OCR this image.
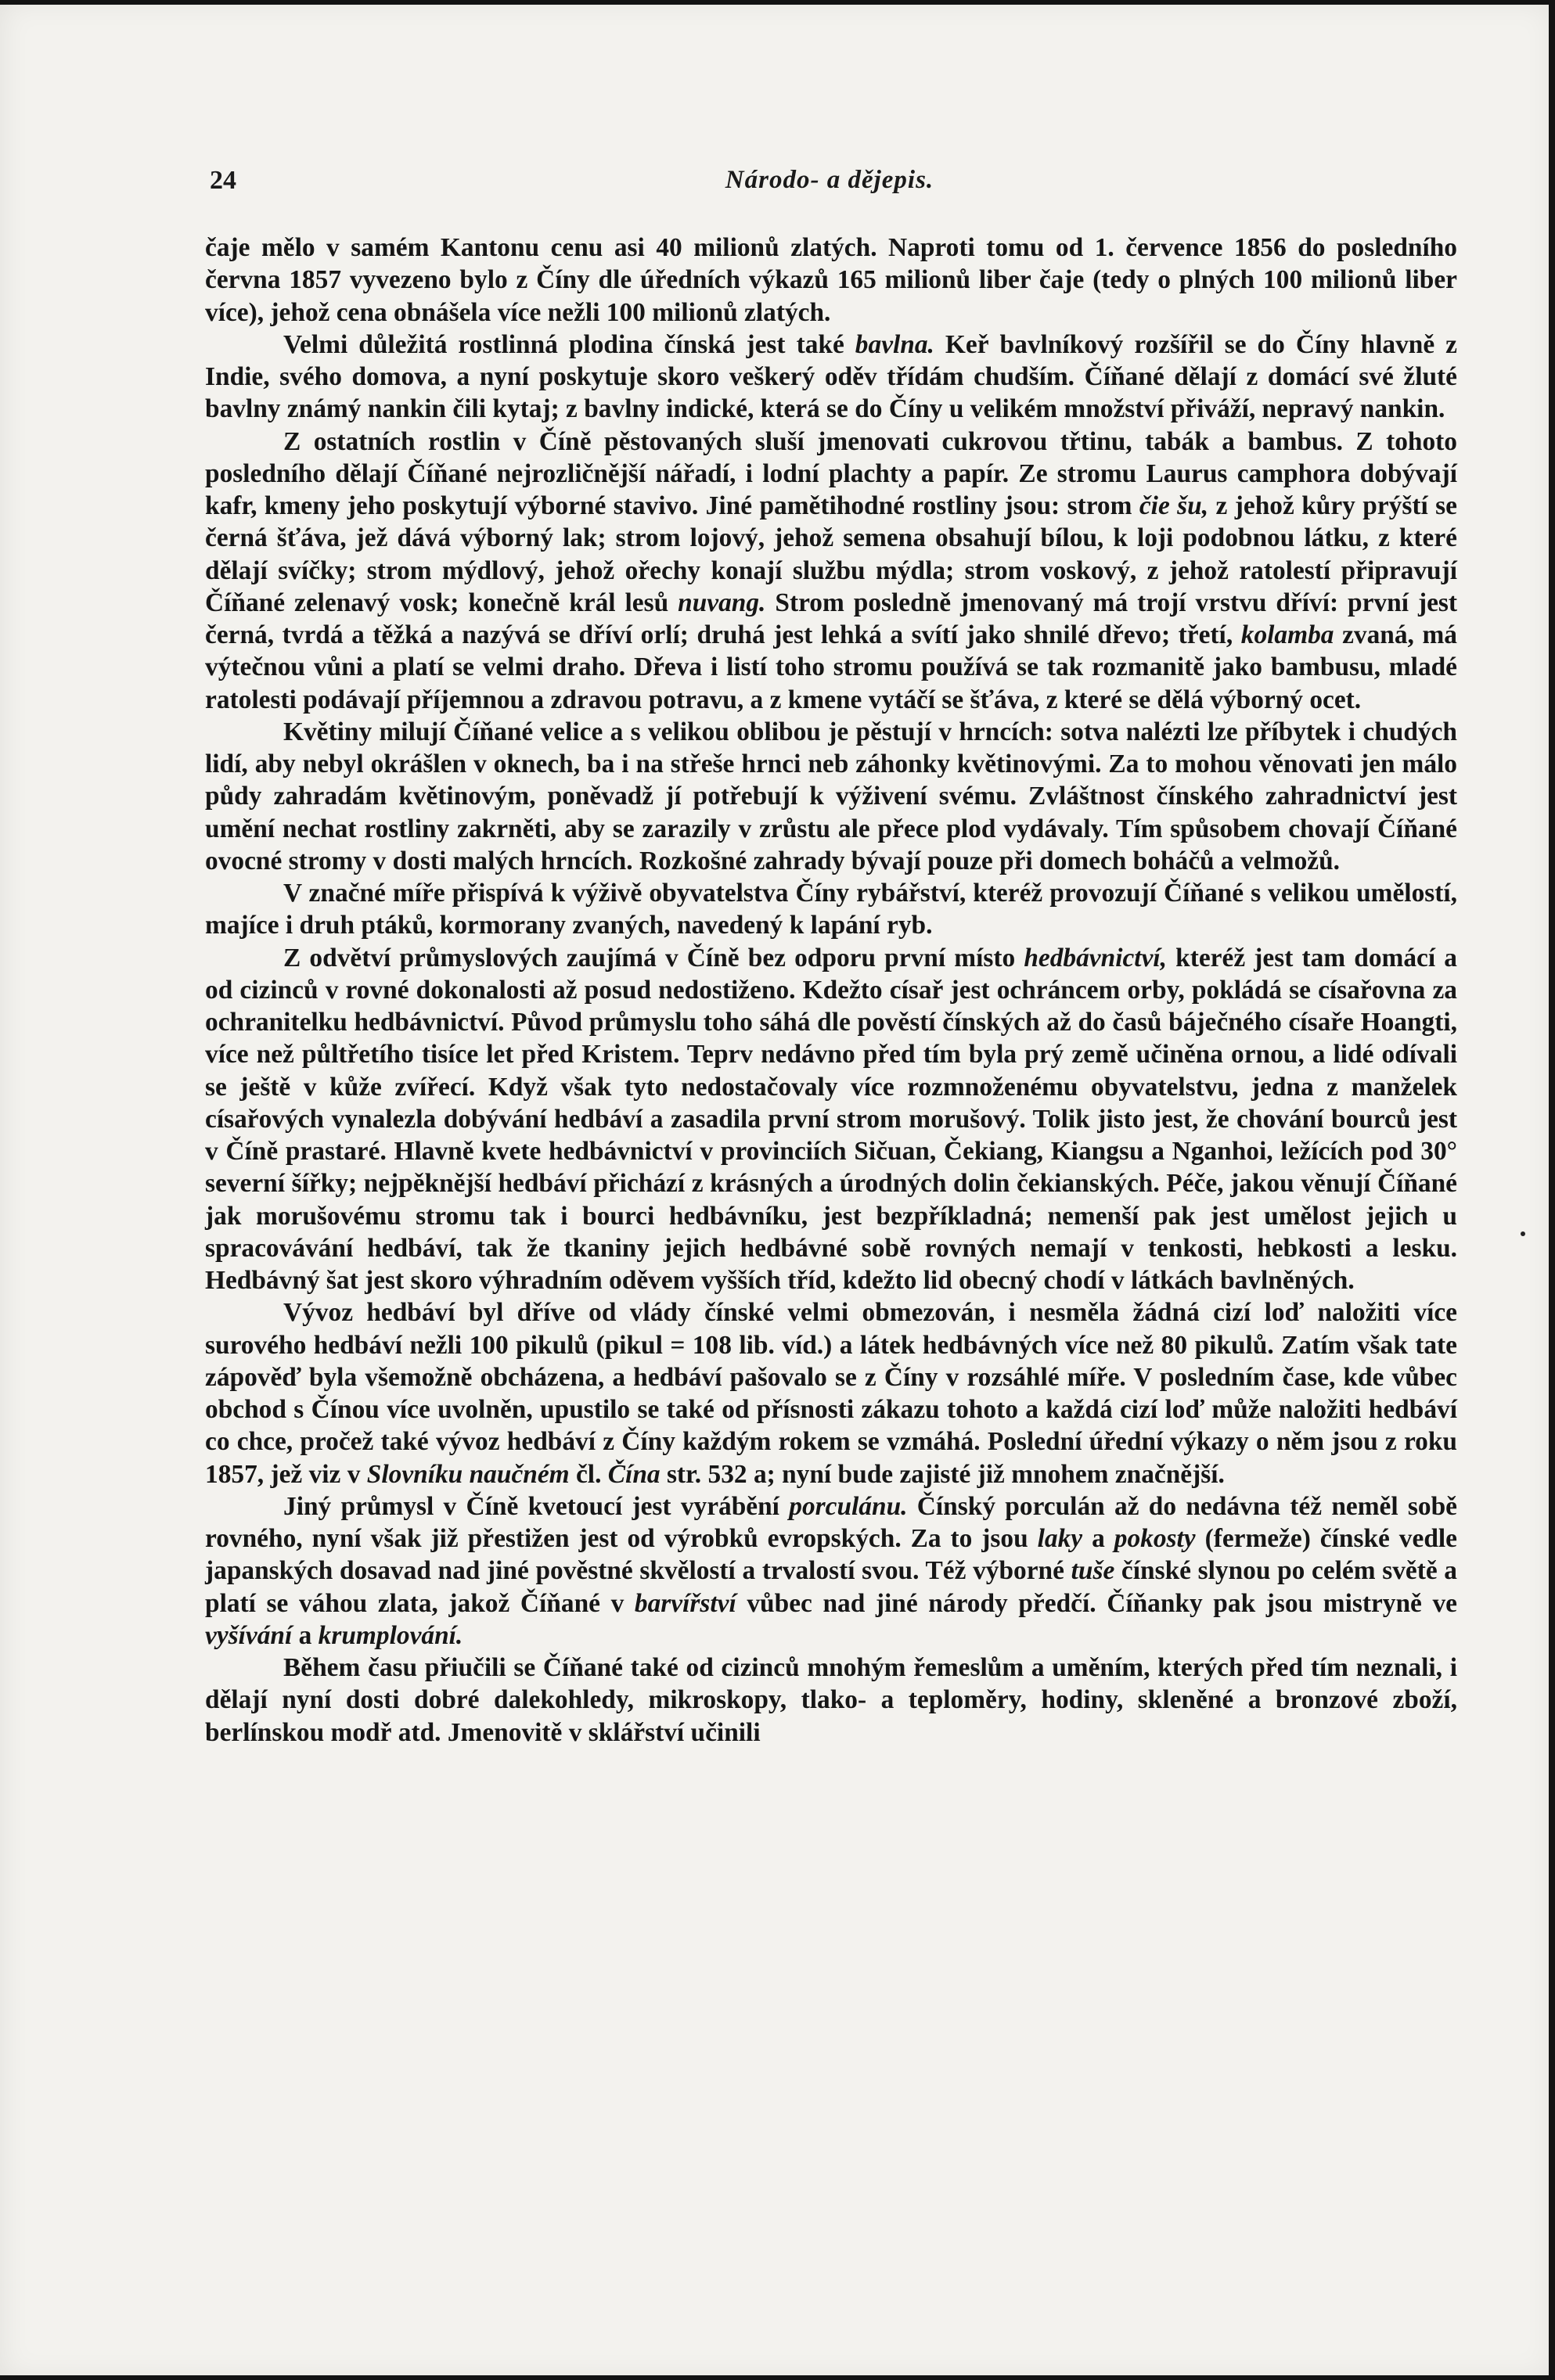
24	Národo- a dějepis.

čaje mělo v samém Kantonu cenu asi 40 milionů zlatých. Naproti tomu od 1. července 1856 do posledního června 1857 vyvezeno bylo z Číny dle úředních výkazů 165 milionů liber čaje (tedy o plných 100 milionů liber více), jehož cena obnášela více nežli 100 milionů zlatých.

Velmi důležitá rostlinná plodina čínská jest také bavlna. Keř bavlníkový rozšířil se do Číny hlavně z Indie, svého domova, a nyní poskytuje skoro veškerý oděv třídám chudším. Číňané dělají z domácí své žluté bavlny známý nankin čili kytaj; z bavlny indické, která se do Číny u velikém množství přiváží, nepravý nankin.

Z ostatních rostlin v Číně pěstovaných sluší jmenovati cukrovou třtinu, tabák a bambus. Z tohoto posledního dělají Číňané nejrozličnější nářadí, i lodní plachty a papír. Ze stromu Laurus camphora dobývají kafr, kmeny jeho poskytují výborné stavivo. Jiné pamětihodné rostliny jsou: strom čie šu, z jehož kůry prýští se černá šťáva, jež dává výborný lak; strom lojový, jehož semena obsahují bílou, k loji podobnou látku, z které dělají svíčky; strom mýdlový, jehož ořechy konají službu mýdla; strom voskový, z jehož ratolestí připravují Číňané zelenavý vosk; konečně král lesů nuvang. Strom posledně jmenovaný má trojí vrstvu dříví: první jest černá, tvrdá a těžká a nazývá se dříví orlí; druhá jest lehká a svítí jako shnilé dřevo; třetí, kolamba zvaná, má výtečnou vůni a platí se velmi draho. Dřeva i listí toho stromu používá se tak rozmanitě jako bambusu, mladé ratolesti podávají příjemnou a zdravou potravu, a z kmene vytáčí se šťáva, z které se dělá výborný ocet.

Květiny milují Číňané velice a s velikou oblibou je pěstují v hrncích: sotva nalézti lze příbytek i chudých lidí, aby nebyl okrášlen v oknech, ba i na střeše hrnci neb záhonky květinovými. Za to mohou věnovati jen málo půdy zahradám květinovým, poněvadž jí potřebují k výživení svému. Zvláštnost čínského zahradnictví jest umění nechat rostliny zakrněti, aby se zarazily v zrůstu ale přece plod vydávaly. Tím spůsobem chovají Číňané ovocné stromy v dosti malých hrncích. Rozkošné zahrady bývají pouze při domech boháčů a velmožů.

V značné míře přispívá k výživě obyvatelstva Číny rybářství, kteréž provozují Číňané s velikou umělostí, majíce i druh ptáků, kormorany zvaných, navedený k lapání ryb.

Z odvětví průmyslových zaujímá v Číně bez odporu první místo hedbávnictví, kteréž jest tam domácí a od cizinců v rovné dokonalosti až posud nedostiženo. Kdežto císař jest ochráncem orby, pokládá se císařovna za ochranitelku hedbávnictví. Původ průmyslu toho sáhá dle pověstí čínských až do časů báječného císaře Hoangti, více než půltřetího tisíce let před Kristem. Teprv nedávno před tím byla prý země učiněna ornou, a lidé odívali se ještě v kůže zvířecí. Když však tyto nedostačovaly více rozmnoženému obyvatelstvu, jedna z manželek císařových vynalezla dobývání hedbáví a zasadila první strom morušový. Tolik jisto jest, že chování bourců jest v Číně prastaré. Hlavně kvete hedbávnictví v provinciích Sičuan, Čekiang, Kiangsu a Nganhoi, ležících pod 30° severní šířky; nejpěknější hedbáví přichází z krásných a úrodných dolin čekianských. Péče, jakou věnují Číňané jak morušovému stromu tak i bourci hedbávníku, jest bezpříkladná; nemenší pak jest umělost jejich u spracovávání hedbáví, tak že tkaniny jejich hedbávné sobě rovných nemají v tenkosti, hebkosti a lesku. Hedbávný šat jest skoro výhradním oděvem vyšších tříd, kdežto lid obecný chodí v látkách bavlněných.

Vývoz hedbáví byl dříve od vlády čínské velmi obmezován, i nesměla žádná cizí loď naložiti více surového hedbáví nežli 100 pikulů (pikul = 108 lib. víd.) a látek hedbávných více než 80 pikulů. Zatím však tate zápověď byla všemožně obcházena, a hedbáví pašovalo se z Číny v rozsáhlé míře. V posledním čase, kde vůbec obchod s Čínou více uvolněn, upustilo se také od přísnosti zákazu tohoto a každá cizí loď může naložiti hedbáví co chce, pročež také vývoz hedbáví z Číny každým rokem se vzmáhá. Poslední úřední výkazy o něm jsou z roku 1857, jež viz v Slovníku naučném čl. Čína str. 532 a; nyní bude zajisté již mnohem značnější.

Jiný průmysl v Číně kvetoucí jest vyrábění porculánu. Čínský porculán až do nedávna též neměl sobě rovného, nyní však již přestižen jest od výrobků evropských. Za to jsou laky a pokosty (fermeže) čínské vedle japanských dosavad nad jiné pověstné skvělostí a trvalostí svou. Též výborné tuše čínské slynou po celém světě a platí se váhou zlata, jakož Číňané v barvířství vůbec nad jiné národy předčí. Číňanky pak jsou mistryně ve vyšívání a krumplování.

Během času přiučili se Číňané také od cizinců mnohým řemeslům a uměním, kterých před tím neznali, i dělají nyní dosti dobré dalekohledy, mikroskopy, tlako- a teploměry, hodiny, skleněné a bronzové zboží, berlínskou modř atd. Jmenovitě v sklářství učinili
